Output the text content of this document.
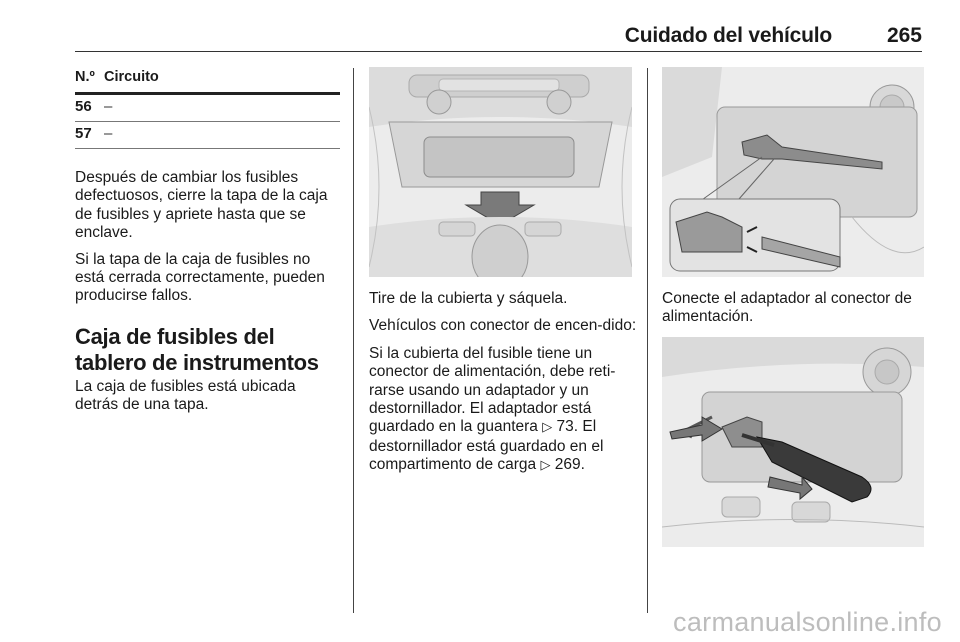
Cuidado del vehículo	265
N.º Circuito
56 –
57 –

Después de cambiar los fusibles defectuosos, cierre la tapa de la caja de fusibles y apriete hasta que se enclave.

Si la tapa de la caja de fusibles no está cerrada correctamente, pueden producirse fallos.

Caja de fusibles del tablero de instrumentos

La caja de fusibles está ubicada detrás de una tapa.

Tire de la cubierta y sáquela.

Vehículos con conector de encen‐dido:

Si la cubierta del fusible tiene un conector de alimentación, debe reti‐rarse usando un adaptador y un destornillador. El adaptador está guardado en la guantera ▷ 73. El destornillador está guardado en el compartimento de carga ▷ 269.

Conecte el adaptador al conector de alimentación.

carmanualsonline.info
